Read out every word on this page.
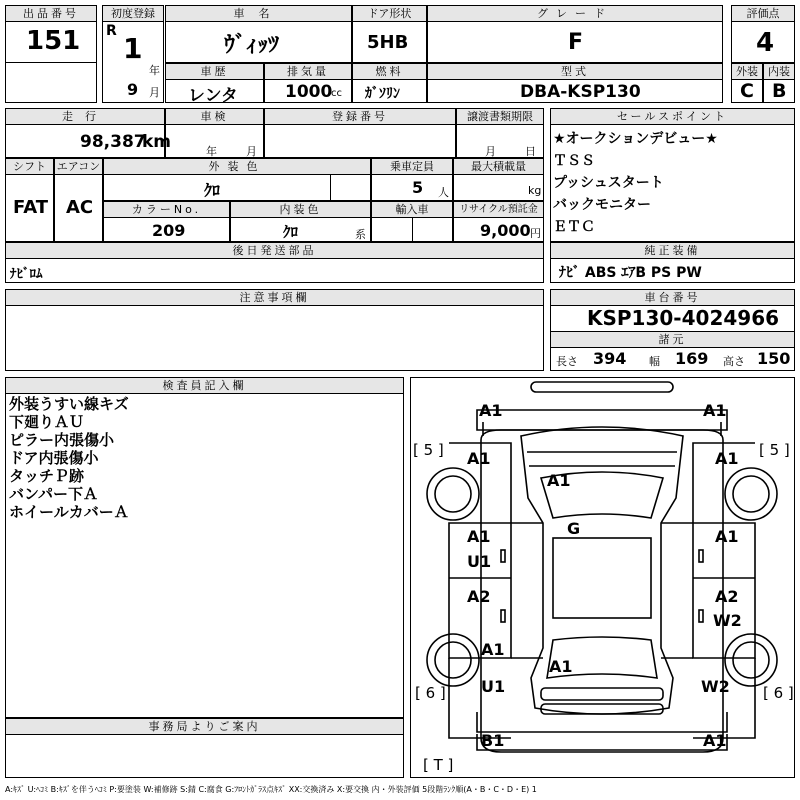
出品番号
151
初度登録
R
1
年
9 月
車名
ｳﾞｨｯﾂ
ドア形状
5HB
グレード
F
評価点
4
車歴
レンタ
排気量
1000
cc
燃料
ｶﾞｿﾘﾝ
型式
DBA-KSP130
外装 内装
C B
走行
98,387
km
車検
年	月
登録番号	譲渡書類期限
月	日
シフト
FAT
エアコン
AC
外装色
ｸﾛ
乗車定員
5 人
最大積載量
kg
カラーNo.
209
内装色
ｸﾛ	系
輸入車	リサイクル預託金
9,000 円
後日発送部品
ﾅﾋﾞﾛﾑ
セールスポイント
★オークションデビュー★
ＴＳＳ
プッシュスタート
バックモニター
ＥＴＣ
純正装備
ﾅﾋﾞ ABS ｴｱB PS PW
注意事項欄	車台番号
KSP130-4024966
諸元
長さ 394 幅 169 高さ 150
検査員記入欄
外装うすい線キズ
下廻りＡＵ
ピラー内張傷小
ドア内張傷小
タッチＰ跡
バンパー下Ａ
ホイールカバーＡ
事務局よりご案内
A1	A1
A1	A1
A1
G
A1	A1
U1
A2	A2
W2
A1
A1
U1	W2
B1	A1
[ 5 ]	[ 5 ]
[ 6 ]	[ 6 ]
[ T ]
A:ｷｽﾞ U:ﾍｺﾐ B:ｷｽﾞを伴うﾍｺﾐ P:要塗装 W:補修跡 S:錆 C:腐食 G:ﾌﾛﾝﾄｶﾞﾗｽ点ｷｽﾞ XX:交換済み X:要交換 内・外装評価 5段階ﾗﾝｸ順(A・B・C・D・E) 1
